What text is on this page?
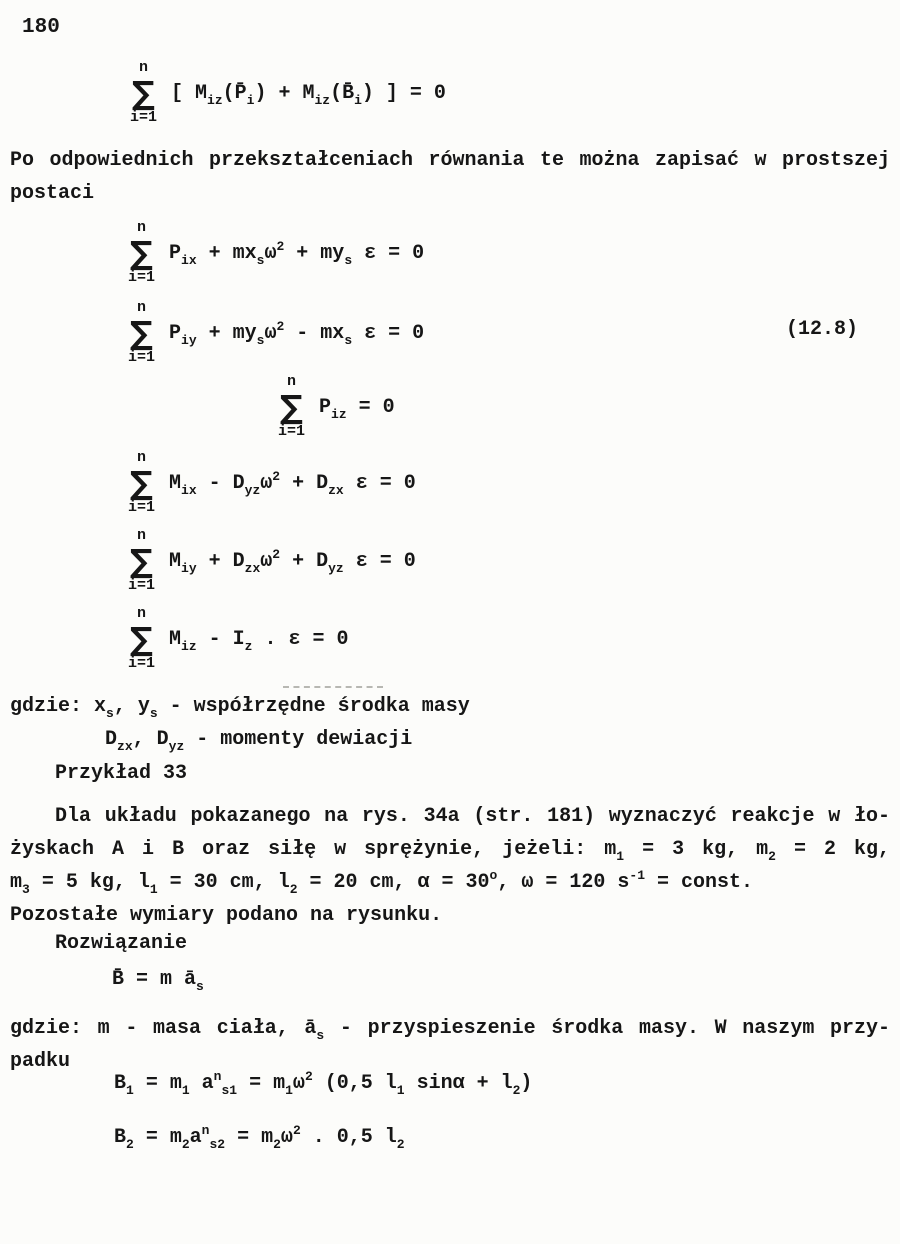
180
n
∑
i=1
[ $M_{iz}(P̄_i)$ + $M_{iz}(B̄_i)$ ] = 0
Po odpowiednich przekształceniach równania te można zapisać w prostszej
postaci
n
∑
i=1
$P_{ix} + mx_s\omega^2 + my_s$ ε = 0
n
∑
i=1
$P_{iy} + my_s\omega^2 - mx_s$ ε = 0	(12.8)
n
∑
i=1
$P_{iz} = 0$
n
∑
i=1
$M_{ix} - D_{yz}\omega^2 + D_{zx}$ ε = 0
n
∑
i=1
$M_{iy} + D_{zx}\omega^2 + D_{yz}$ ε = 0
n
∑
i=1
$M_{iz} - I_z$ . ε = 0
gdzie: $x_s$, $y_s$ - współrzędne środka masy
$D_{zx}$, $D_{yz}$ - momenty dewiacji
Przykład 33
Dla układu pokazanego na rys. 34a (str. 181) wyznaczyć reakcje w ło-
żyskach A i B oraz siłę w sprężynie, jeżeli: $m_1 = 3$ kg, $m_2 = 2$ kg,
$m_3 = 5$ kg, $l_1 = 30$ cm, $l_2 = 20$ cm, $\alpha = 30^o$, ω = 120 $s^{-1}$ = const.
Pozostałe wymiary podano na rysunku.
Rozwiązanie
B̄ = m $ā_s$
gdzie: m - masa ciała, $ā_s$ - przyspieszenie środka masy. W naszym przy-
padku
$B_1 = m_1$ $a^n_{s1} = m_1\omega^2$ (0,5 $l_1$ $\sin\alpha + l_2$)
$B_2 = m_2a^n_{s2} = m_2\omega^2$ . 0,5 $l_2$
